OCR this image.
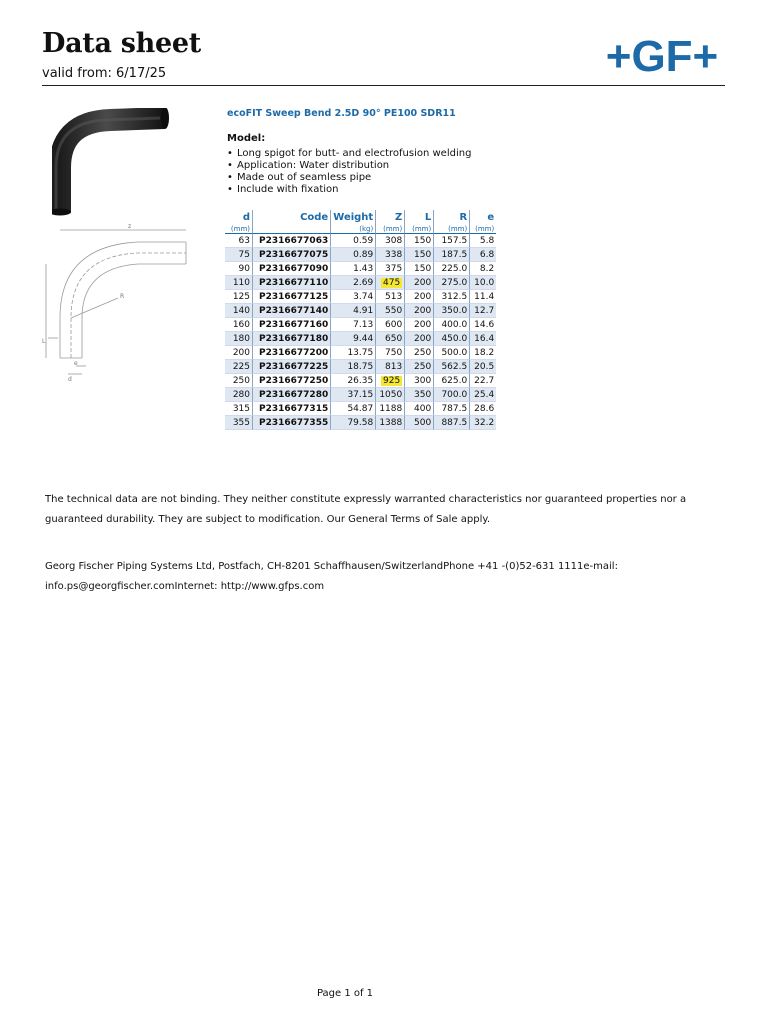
Data sheet
valid from: 6/17/25	+GF+
z
R
L
e
d
ecoFIT Sweep Bend 2.5D 90° PE100 SDR11
Model:
• Long spigot for butt- and electrofusion welding
• Application: Water distribution
• Made out of seamless pipe
• Include with fixation
d	Code	Weight	Z	L	R	e
(mm)		(kg)	(mm)	(mm)	(mm)	(mm)
63	P2316677063	0.59	308	150	157.5	5.8
75	P2316677075	0.89	338	150	187.5	6.8
90	P2316677090	1.43	375	150	225.0	8.2
110	P2316677110	2.69	475	200	275.0	10.0
125	P2316677125	3.74	513	200	312.5	11.4
140	P2316677140	4.91	550	200	350.0	12.7
160	P2316677160	7.13	600	200	400.0	14.6
180	P2316677180	9.44	650	200	450.0	16.4
200	P2316677200	13.75	750	250	500.0	18.2
225	P2316677225	18.75	813	250	562.5	20.5
250	P2316677250	26.35	925	300	625.0	22.7
280	P2316677280	37.15	1050	350	700.0	25.4
315	P2316677315	54.87	1188	400	787.5	28.6
355	P2316677355	79.58	1388	500	887.5	32.2
The technical data are not binding. They neither constitute expressly warranted characteristics nor guaranteed properties nor a guaranteed durability. They are subject to modification. Our General Terms of Sale apply.
Georg Fischer Piping Systems Ltd, Postfach, CH-8201 Schaffhausen/SwitzerlandPhone +41 -(0)52-631 1111e-mail: info.ps@georgfischer.comInternet: http://www.gfps.com
Page 1 of 1
